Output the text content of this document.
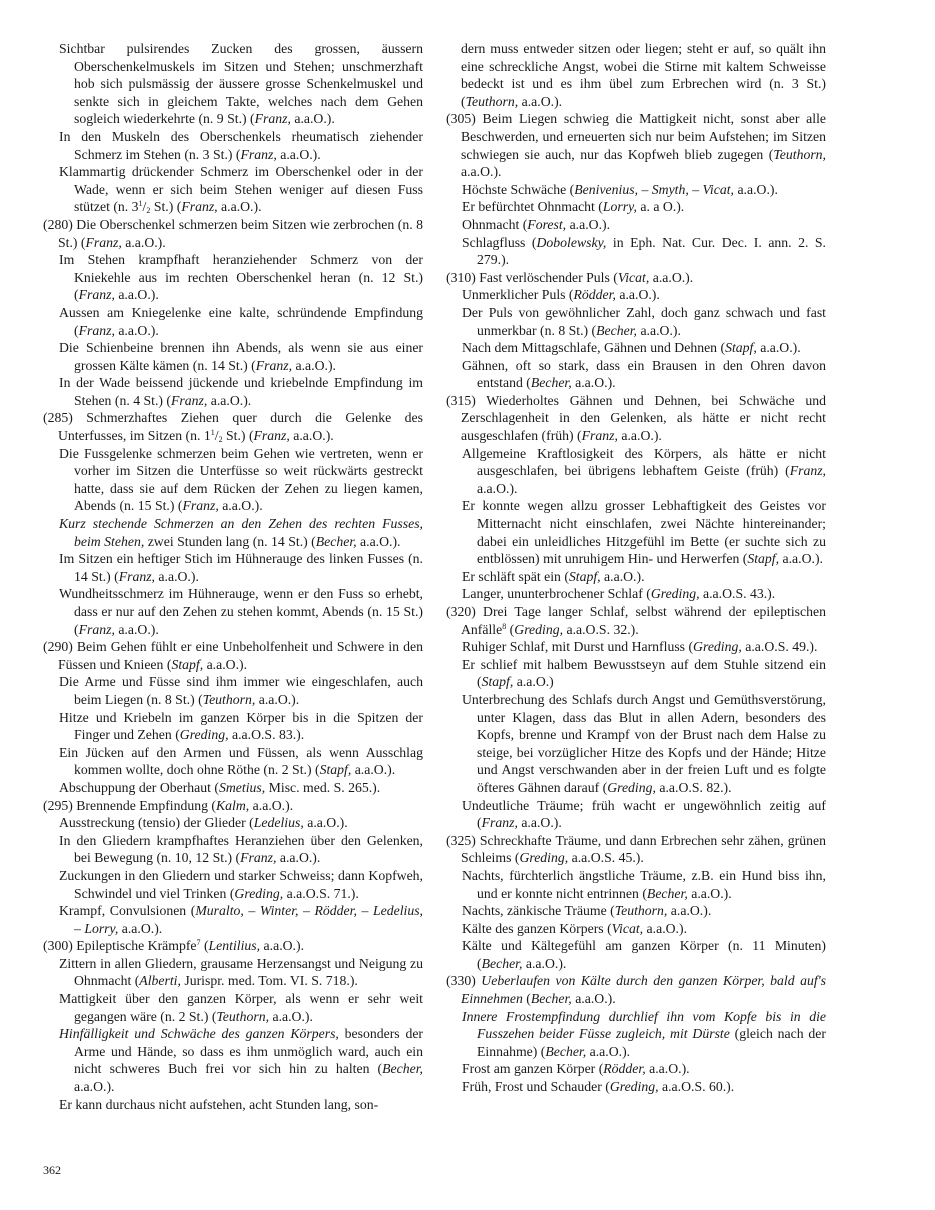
Sichtbar pulsirendes Zucken des grossen, äussern Oberschenkelmuskels im Sitzen und Stehen; unschmerzhaft hob sich pulsmässig der äussere grosse Schenkelmuskel und senkte sich in gleichem Takte, welches nach dem Gehen sogleich wiederkehrte (n. 9 St.) (Franz, a.a.O.).

In den Muskeln des Oberschenkels rheumatisch ziehender Schmerz im Stehen (n. 3 St.) (Franz, a.a.O.).

Klammartig drückender Schmerz im Oberschenkel oder in der Wade, wenn er sich beim Stehen weniger auf diesen Fuss stützet (n. $3^1/_2$ St.) (Franz, a.a.O.).

(280) Die Oberschenkel schmerzen beim Sitzen wie zerbrochen (n. 8 St.) (Franz, a.a.O.).

Im Stehen krampfhaft heranziehender Schmerz von der Kniekehle aus im rechten Oberschenkel heran (n. 12 St.) (Franz, a.a.O.).

Aussen am Kniegelenke eine kalte, schründende Empfindung (Franz, a.a.O.).

Die Schienbeine brennen ihn Abends, als wenn sie aus einer grossen Kälte kämen (n. 14 St.) (Franz, a.a.O.).

In der Wade beissend jückende und kriebelnde Empfindung im Stehen (n. 4 St.) (Franz, a.a.O.).

(285) Schmerzhaftes Ziehen quer durch die Gelenke des Unterfusses, im Sitzen (n. $1^1/_2$ St.) (Franz, a.a.O.).

Die Fussgelenke schmerzen beim Gehen wie vertreten, wenn er vorher im Sitzen die Unterfüsse so weit rückwärts gestreckt hatte, dass sie auf dem Rücken der Zehen zu liegen kamen, Abends (n. 15 St.) (Franz, a.a.O.).

Kurz stechende Schmerzen an den Zehen des rechten Fusses, beim Stehen, zwei Stunden lang (n. 14 St.) (Becher, a.a.O.).

Im Sitzen ein heftiger Stich im Hühnerauge des linken Fusses (n. 14 St.) (Franz, a.a.O.).

Wundheitsschmerz im Hühnerauge, wenn er den Fuss so erhebt, dass er nur auf den Zehen zu stehen kommt, Abends (n. 15 St.) (Franz, a.a.O.).

(290) Beim Gehen fühlt er eine Unbeholfenheit und Schwere in den Füssen und Knieen (Stapf, a.a.O.).

Die Arme und Füsse sind ihm immer wie eingeschlafen, auch beim Liegen (n. 8 St.) (Teuthorn, a.a.O.).

Hitze und Kriebeln im ganzen Körper bis in die Spitzen der Finger und Zehen (Greding, a.a.O.S. 83.).

Ein Jücken auf den Armen und Füssen, als wenn Ausschlag kommen wollte, doch ohne Röthe (n. 2 St.) (Stapf, a.a.O.).

Abschuppung der Oberhaut (Smetius, Misc. med. S. 265.).

(295) Brennende Empfindung (Kalm, a.a.O.).

Ausstreckung (tensio) der Glieder (Ledelius, a.a.O.).

In den Gliedern krampfhaftes Heranziehen über den Gelenken, bei Bewegung (n. 10, 12 St.) (Franz, a.a.O.).

Zuckungen in den Gliedern und starker Schweiss; dann Kopfweh, Schwindel und viel Trinken (Greding, a.a.O.S. 71.).

Krampf, Convulsionen (Muralto, – Winter, – Rödder, – Ledelius, – Lorry, a.a.O.).

(300) Epileptische Krämpfe$^7$ (Lentilius, a.a.O.).

Zittern in allen Gliedern, grausame Herzensangst und Neigung zu Ohnmacht (Alberti, Jurispr. med. Tom. VI. S. 718.).

Mattigkeit über den ganzen Körper, als wenn er sehr weit gegangen wäre (n. 2 St.) (Teuthorn, a.a.O.).

Hinfälligkeit und Schwäche des ganzen Körpers, besonders der Arme und Hände, so dass es ihm unmöglich ward, auch ein nicht schweres Buch frei vor sich hin zu halten (Becher, a.a.O.).

Er kann durchaus nicht aufstehen, acht Stunden lang, son-

dern muss entweder sitzen oder liegen; steht er auf, so quält ihn eine schreckliche Angst, wobei die Stirne mit kaltem Schweisse bedeckt ist und es ihm übel zum Erbrechen wird (n. 3 St.) (Teuthorn, a.a.O.).

(305) Beim Liegen schwieg die Mattigkeit nicht, sonst aber alle Beschwerden, und erneuerten sich nur beim Aufstehen; im Sitzen schwiegen sie auch, nur das Kopfweh blieb zugegen (Teuthorn, a.a.O.).

Höchste Schwäche (Benivenius, – Smyth, – Vicat, a.a.O.).

Er befürchtet Ohnmacht (Lorry, a. a O.).

Ohnmacht (Forest, a.a.O.).

Schlagfluss (Dobolewsky, in Eph. Nat. Cur. Dec. I. ann. 2. S. 279.).

(310) Fast verlöschender Puls (Vicat, a.a.O.).

Unmerklicher Puls (Rödder, a.a.O.).

Der Puls von gewöhnlicher Zahl, doch ganz schwach und fast unmerkbar (n. 8 St.) (Becher, a.a.O.).

Nach dem Mittagschlafe, Gähnen und Dehnen (Stapf, a.a.O.).

Gähnen, oft so stark, dass ein Brausen in den Ohren davon entstand (Becher, a.a.O.).

(315) Wiederholtes Gähnen und Dehnen, bei Schwäche und Zerschlagenheit in den Gelenken, als hätte er nicht recht ausgeschlafen (früh) (Franz, a.a.O.).

Allgemeine Kraftlosigkeit des Körpers, als hätte er nicht ausgeschlafen, bei übrigens lebhaftem Geiste (früh) (Franz, a.a.O.).

Er konnte wegen allzu grosser Lebhaftigkeit des Geistes vor Mitternacht nicht einschlafen, zwei Nächte hintereinander; dabei ein unleidliches Hitzgefühl im Bette (er suchte sich zu entblössen) mit unruhigem Hin- und Herwerfen (Stapf, a.a.O.).

Er schläft spät ein (Stapf, a.a.O.).

Langer, ununterbrochener Schlaf (Greding, a.a.O.S. 43.).

(320) Drei Tage langer Schlaf, selbst während der epileptischen Anfälle$^8$ (Greding, a.a.O.S. 32.).

Ruhiger Schlaf, mit Durst und Harnfluss (Greding, a.a.O.S. 49.).

Er schlief mit halbem Bewusstseyn auf dem Stuhle sitzend ein (Stapf, a.a.O.)

Unterbrechung des Schlafs durch Angst und Gemüthsverstörung, unter Klagen, dass das Blut in allen Adern, besonders des Kopfs, brenne und Krampf von der Brust nach dem Halse zu steige, bei vorzüglicher Hitze des Kopfs und der Hände; Hitze und Angst verschwanden aber in der freien Luft und es folgte öfteres Gähnen darauf (Greding, a.a.O.S. 82.).

Undeutliche Träume; früh wacht er ungewöhnlich zeitig auf (Franz, a.a.O.).

(325) Schreckhafte Träume, und dann Erbrechen sehr zähen, grünen Schleims (Greding, a.a.O.S. 45.).

Nachts, fürchterlich ängstliche Träume, z.B. ein Hund biss ihn, und er konnte nicht entrinnen (Becher, a.a.O.).

Nachts, zänkische Träume (Teuthorn, a.a.O.).

Kälte des ganzen Körpers (Vicat, a.a.O.).

Kälte und Kältegefühl am ganzen Körper (n. 11 Minuten) (Becher, a.a.O.).

(330) Ueberlaufen von Kälte durch den ganzen Körper, bald auf's Einnehmen (Becher, a.a.O.).

Innere Frostempfindung durchlief ihn vom Kopfe bis in die Fusszehen beider Füsse zugleich, mit Dürste (gleich nach der Einnahme) (Becher, a.a.O.).

Frost am ganzen Körper (Rödder, a.a.O.).

Früh, Frost und Schauder (Greding, a.a.O.S. 60.).

362
